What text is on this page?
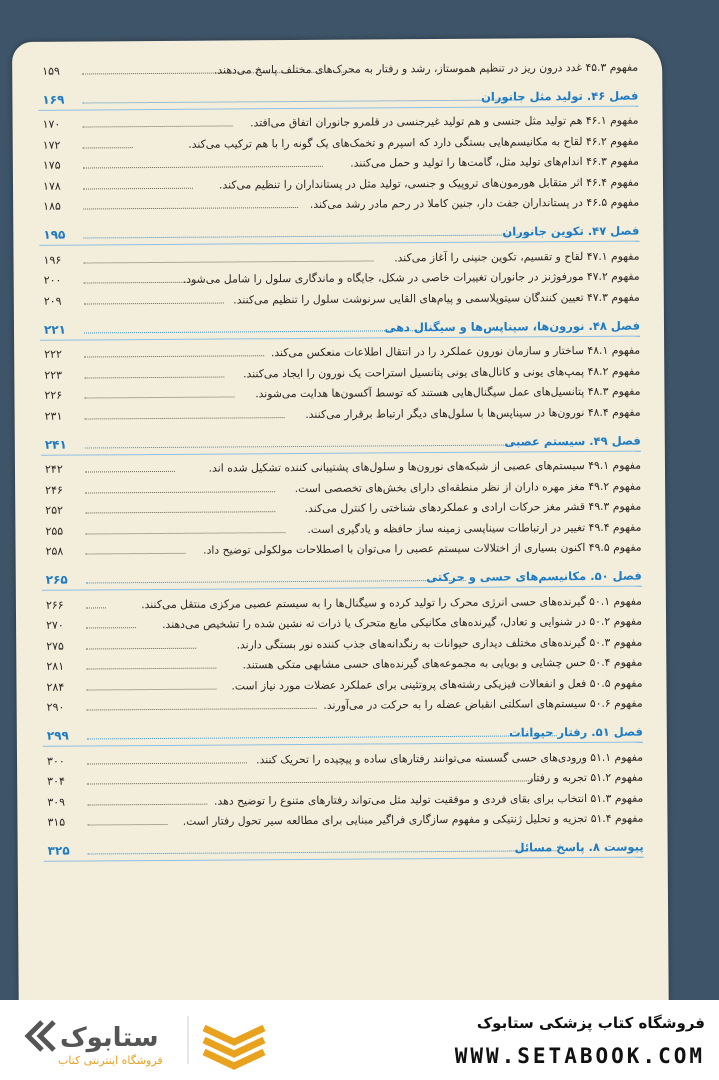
۱۵۹	مفهوم ۴۵.۳ غدد درون ریز در تنظیم هموستاز، رشد و رفتار به محرک‌های مختلف پاسخ می‌دهند.
۱۶۹	فصل ۴۶. تولید مثل جانوران
۱۷۰	مفهوم ۴۶.۱ هم تولید مثل جنسی و هم تولید غیرجنسی در قلمرو جانوران اتفاق می‌افتد.
۱۷۲	مفهوم ۴۶.۲ لقاح به مکانیسم‌هایی بستگی دارد که اسپرم و تخمک‌های یک گونه را با هم ترکیب می‌کند.
۱۷۵	مفهوم ۴۶.۳ اندام‌های تولید مثل، گامت‌ها را تولید و حمل می‌کنند.
۱۷۸	مفهوم ۴۶.۴ اثر متقابل هورمون‌های تروپیک و جنسی، تولید مثل در پستانداران را تنظیم می‌کند.
۱۸۵	مفهوم ۴۶.۵ در پستانداران جفت دار، جنین کاملا در رحم مادر رشد می‌کند.
۱۹۵	فصل ۴۷. تکوین جانوران
۱۹۶	مفهوم ۴۷.۱ لقاح و تقسیم، تکوین جنینی را آغاز می‌کند.
۲۰۰	مفهوم ۴۷.۲ مورفوژنز در جانوران تغییرات خاصی در شکل، جایگاه و ماندگاری سلول را شامل می‌شود.
۲۰۹	مفهوم ۴۷.۳ تعیین کنندگان سیتوپلاسمی و پیام‌های القایی سرنوشت سلول را تنظیم می‌کنند.
۲۲۱	فصل ۴۸. نورون‌ها، سیناپس‌ها و سیگنال دهی
۲۲۲	مفهوم ۴۸.۱ ساختار و سازمان نورون عملکرد را در انتقال اطلاعات منعکس می‌کند.
۲۲۳	مفهوم ۴۸.۲ پمپ‌های یونی و کانال‌های یونی پتانسیل استراحت یک نورون را ایجاد می‌کنند.
۲۲۶	مفهوم ۴۸.۳ پتانسیل‌های عمل سیگنال‌هایی هستند که توسط آکسون‌ها هدایت می‌شوند.
۲۳۱	مفهوم ۴۸.۴ نورون‌ها در سیناپس‌ها با سلول‌های دیگر ارتباط برقرار می‌کنند.
۲۴۱	فصل ۴۹. سیستم عصبی
۲۴۲	مفهوم ۴۹.۱ سیستم‌های عصبی از شبکه‌های نورون‌ها و سلول‌های پشتیبانی کننده تشکیل شده اند.
۲۴۶	مفهوم ۴۹.۲ مغز مهره داران از نظر منطقه‌ای دارای بخش‌های تخصصی است.
۲۵۲	مفهوم ۴۹.۳ قشر مغز حرکات ارادی و عملکردهای شناختی را کنترل می‌کند.
۲۵۵	مفهوم ۴۹.۴ تغییر در ارتباطات سیناپسی زمینه ساز حافظه و یادگیری است.
۲۵۸	مفهوم ۴۹.۵ اکنون بسیاری از اختلالات سیستم عصبی را می‌توان با اصطلاحات مولکولی توضیح داد.
۲۶۵	فصل ۵۰. مکانیسم‌های حسی و حرکتی
۲۶۶	مفهوم ۵۰.۱ گیرنده‌های حسی انرژی محرک را تولید کرده و سیگنال‌ها را به سیستم عصبی مرکزی منتقل می‌کنند.
۲۷۰	مفهوم ۵۰.۲ در شنوایی و تعادل، گیرنده‌های مکانیکی مایع متحرک یا ذرات ته نشین شده را تشخیص می‌دهند.
۲۷۵	مفهوم ۵۰.۳ گیرنده‌های مختلف دیداری حیوانات به رنگدانه‌های جذب کننده نور بستگی دارند.
۲۸۱	مفهوم ۵۰.۴ حس چشایی و بویایی به مجموعه‌های گیرنده‌های حسی مشابهی متکی هستند.
۲۸۴	مفهوم ۵۰.۵ فعل و انفعالات فیزیکی رشته‌های پروتئینی برای عملکرد عضلات مورد نیاز است.
۲۹۰	مفهوم ۵۰.۶ سیستم‌های اسکلتی انقباض عضله را به حرکت در می‌آورند.
۲۹۹	فصل ۵۱. رفتار حیوانات
۳۰۰	مفهوم ۵۱.۱ ورودی‌های حسی گسسته می‌توانند رفتارهای ساده و پیچیده را تحریک کنند.
۳۰۴	مفهوم ۵۱.۲ تجربه و رفتار
۳۰۹	مفهوم ۵۱.۳ انتخاب برای بقای فردی و موفقیت تولید مثل می‌تواند رفتارهای متنوع را توضیح دهد.
۳۱۵	مفهوم ۵۱.۴ تجزیه و تحلیل ژنتیکی و مفهوم سازگاری فراگیر مبنایی برای مطالعه سیر تحول رفتار است.
۳۲۵	پیوست ۸. پاسخ مسائل
ستابوک
فروشگاه اینترنتی کتاب
فروشگاه کتاب پزشکی ستابوک
WWW.SETABOOK.COM
